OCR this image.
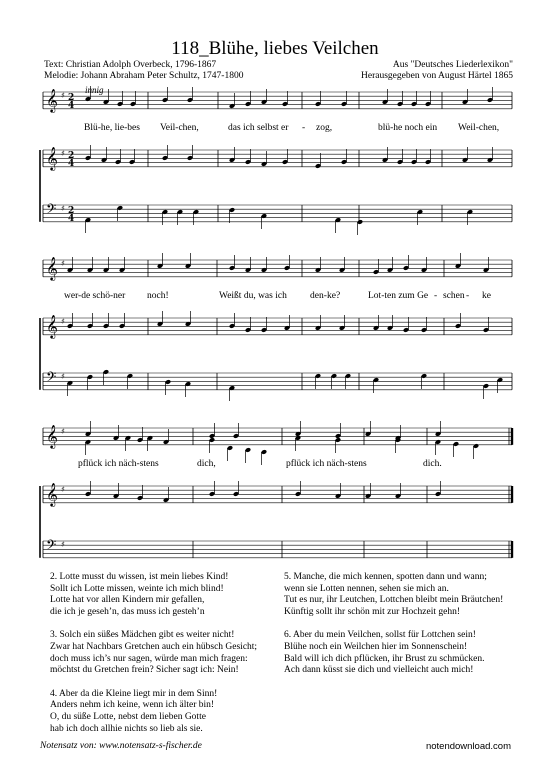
118_Blühe, liebes Veilchen
Text: Christian Adolph Overbeck, 1796-1867
Melodie: Johann Abraham Peter Schultz, 1747-1800
Aus "Deutsches Liederlexikon"
Herausgegeben von August Härtel 1865
𝄞 ♯ 2
4
𝄞 ♯ 2
4
𝄢 ♯ 2
4
𝄞 ♯
𝄞 ♯
𝄢 ♯
𝄞 ♯
𝄞 ♯
𝄢 ♯
innig
Blü-he, lie-bes Veil-chen,	das ich selbst er - zog,	blü-he noch ein Weil-chen,
wer-de schö-ner noch!	Weißt du, was ich den- ke?	Lot-ten zum Ge - schen - ke
pflück ich näch-stens	dich,	pflück ich näch-stens	dich.
2. Lotte musst du wissen, ist mein liebes Kind!
Sollt ich Lotte missen, weinte ich mich blind!
Lotte hat vor allen Kindern mir gefallen,
die ich je geseh’n, das muss ich gesteh’n
3. Solch ein süßes Mädchen gibt es weiter nicht!
Zwar hat Nachbars Gretchen auch ein hübsch Gesicht;
doch muss ich’s nur sagen, würde man mich fragen:
möchtst du Gretchen frein? Sicher sagt ich: Nein!
4. Aber da die Kleine liegt mir in dem Sinn!
Anders nehm ich keine, wenn ich älter bin!
O, du süße Lotte, nebst dem lieben Gotte
hab ich doch allhie nichts so lieb als sie.
5. Manche, die mich kennen, spotten dann und wann;
wenn sie Lotten nennen, sehen sie mich an.
Tut es nur, ihr Leutchen, Lottchen bleibt mein Bräutchen!
Künftig sollt ihr schön mit zur Hochzeit gehn!
6. Aber du mein Veilchen, sollst für Lottchen sein!
Blühe noch ein Weilchen hier im Sonnenschein!
Bald will ich dich pflücken, ihr Brust zu schmücken.
Ach dann küsst sie dich und vielleicht auch mich!
Notensatz von: www.notensatz-s-fischer.de	notendownload.com
